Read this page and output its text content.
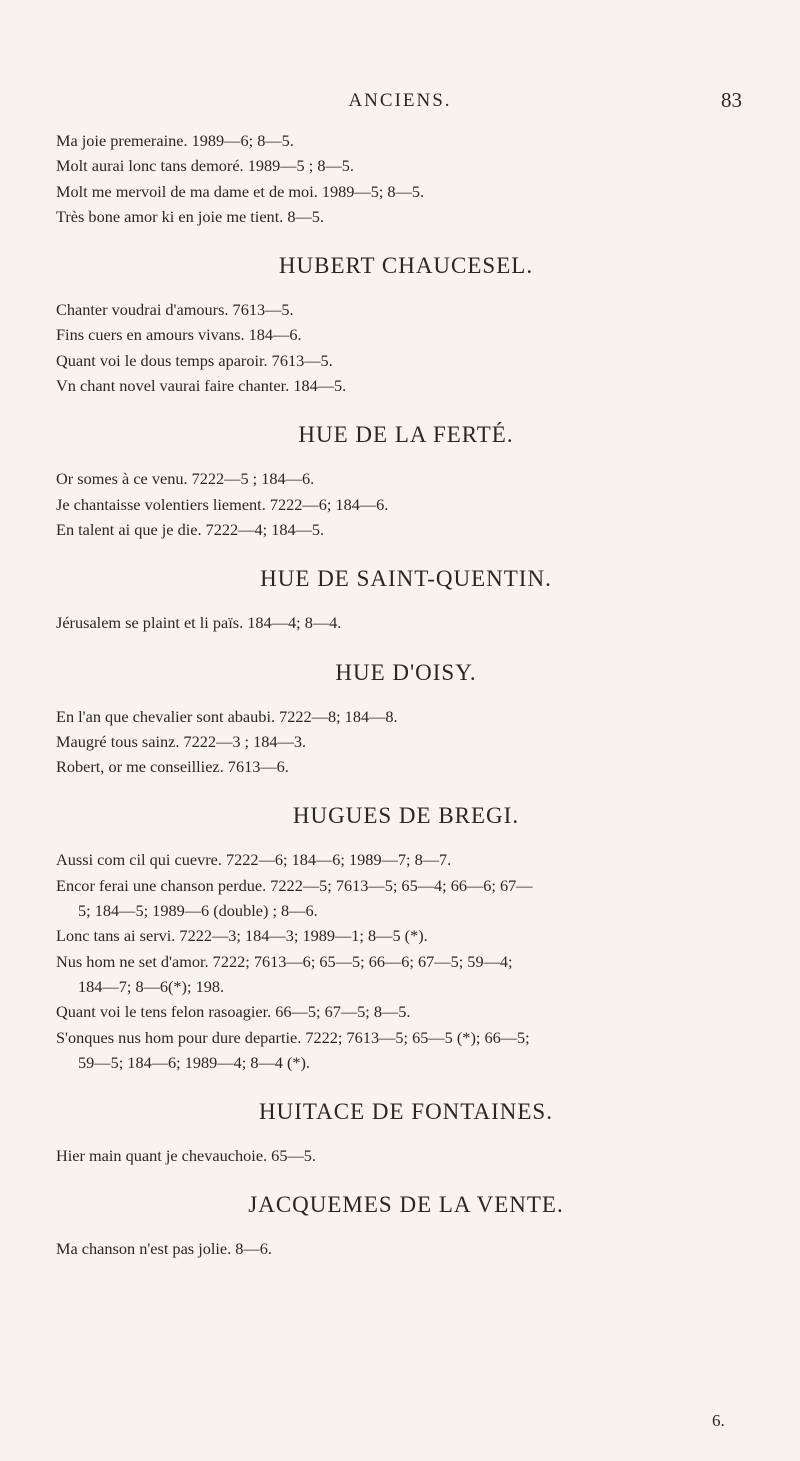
ANCIENS.	83
Ma joie premeraine. 1989—6; 8—5.
Molt aurai lonc tans demoré. 1989—5 ; 8—5.
Molt me mervoil de ma dame et de moi. 1989—5; 8—5.
Très bone amor ki en joie me tient. 8—5.
HUBERT CHAUCESEL.
Chanter voudrai d'amours. 7613—5.
Fins cuers en amours vivans. 184—6.
Quant voi le dous temps aparoir. 7613—5.
Vn chant novel vaurai faire chanter. 184—5.
HUE DE LA FERTÉ.
Or somes à ce venu. 7222—5 ; 184—6.
Je chantaisse volentiers liement. 7222—6; 184—6.
En talent ai que je die. 7222—4; 184—5.
HUE DE SAINT-QUENTIN.
Jérusalem se plaint et li païs. 184—4; 8—4.
HUE D'OISY.
En l'an que chevalier sont abaubi. 7222—8; 184—8.
Maugré tous sainz. 7222—3 ; 184—3.
Robert, or me conseilliez. 7613—6.
HUGUES DE BREGI.
Aussi com cil qui cuevre. 7222—6; 184—6; 1989—7; 8—7.
Encor ferai une chanson perdue. 7222—5; 7613—5; 65—4; 66—6; 67—
5; 184—5; 1989—6 (double) ; 8—6.
Lonc tans ai servi. 7222—3; 184—3; 1989—1; 8—5 (*).
Nus hom ne set d'amor. 7222; 7613—6; 65—5; 66—6; 67—5; 59—4;
184—7; 8—6(*); 198.
Quant voi le tens felon rasoagier. 66—5; 67—5; 8—5.
S'onques nus hom pour dure departie. 7222; 7613—5; 65—5 (*); 66—5;
59—5; 184—6; 1989—4; 8—4 (*).
HUITACE DE FONTAINES.
Hier main quant je chevauchoie. 65—5.
JACQUEMES DE LA VENTE.
Ma chanson n'est pas jolie. 8—6.
6.
